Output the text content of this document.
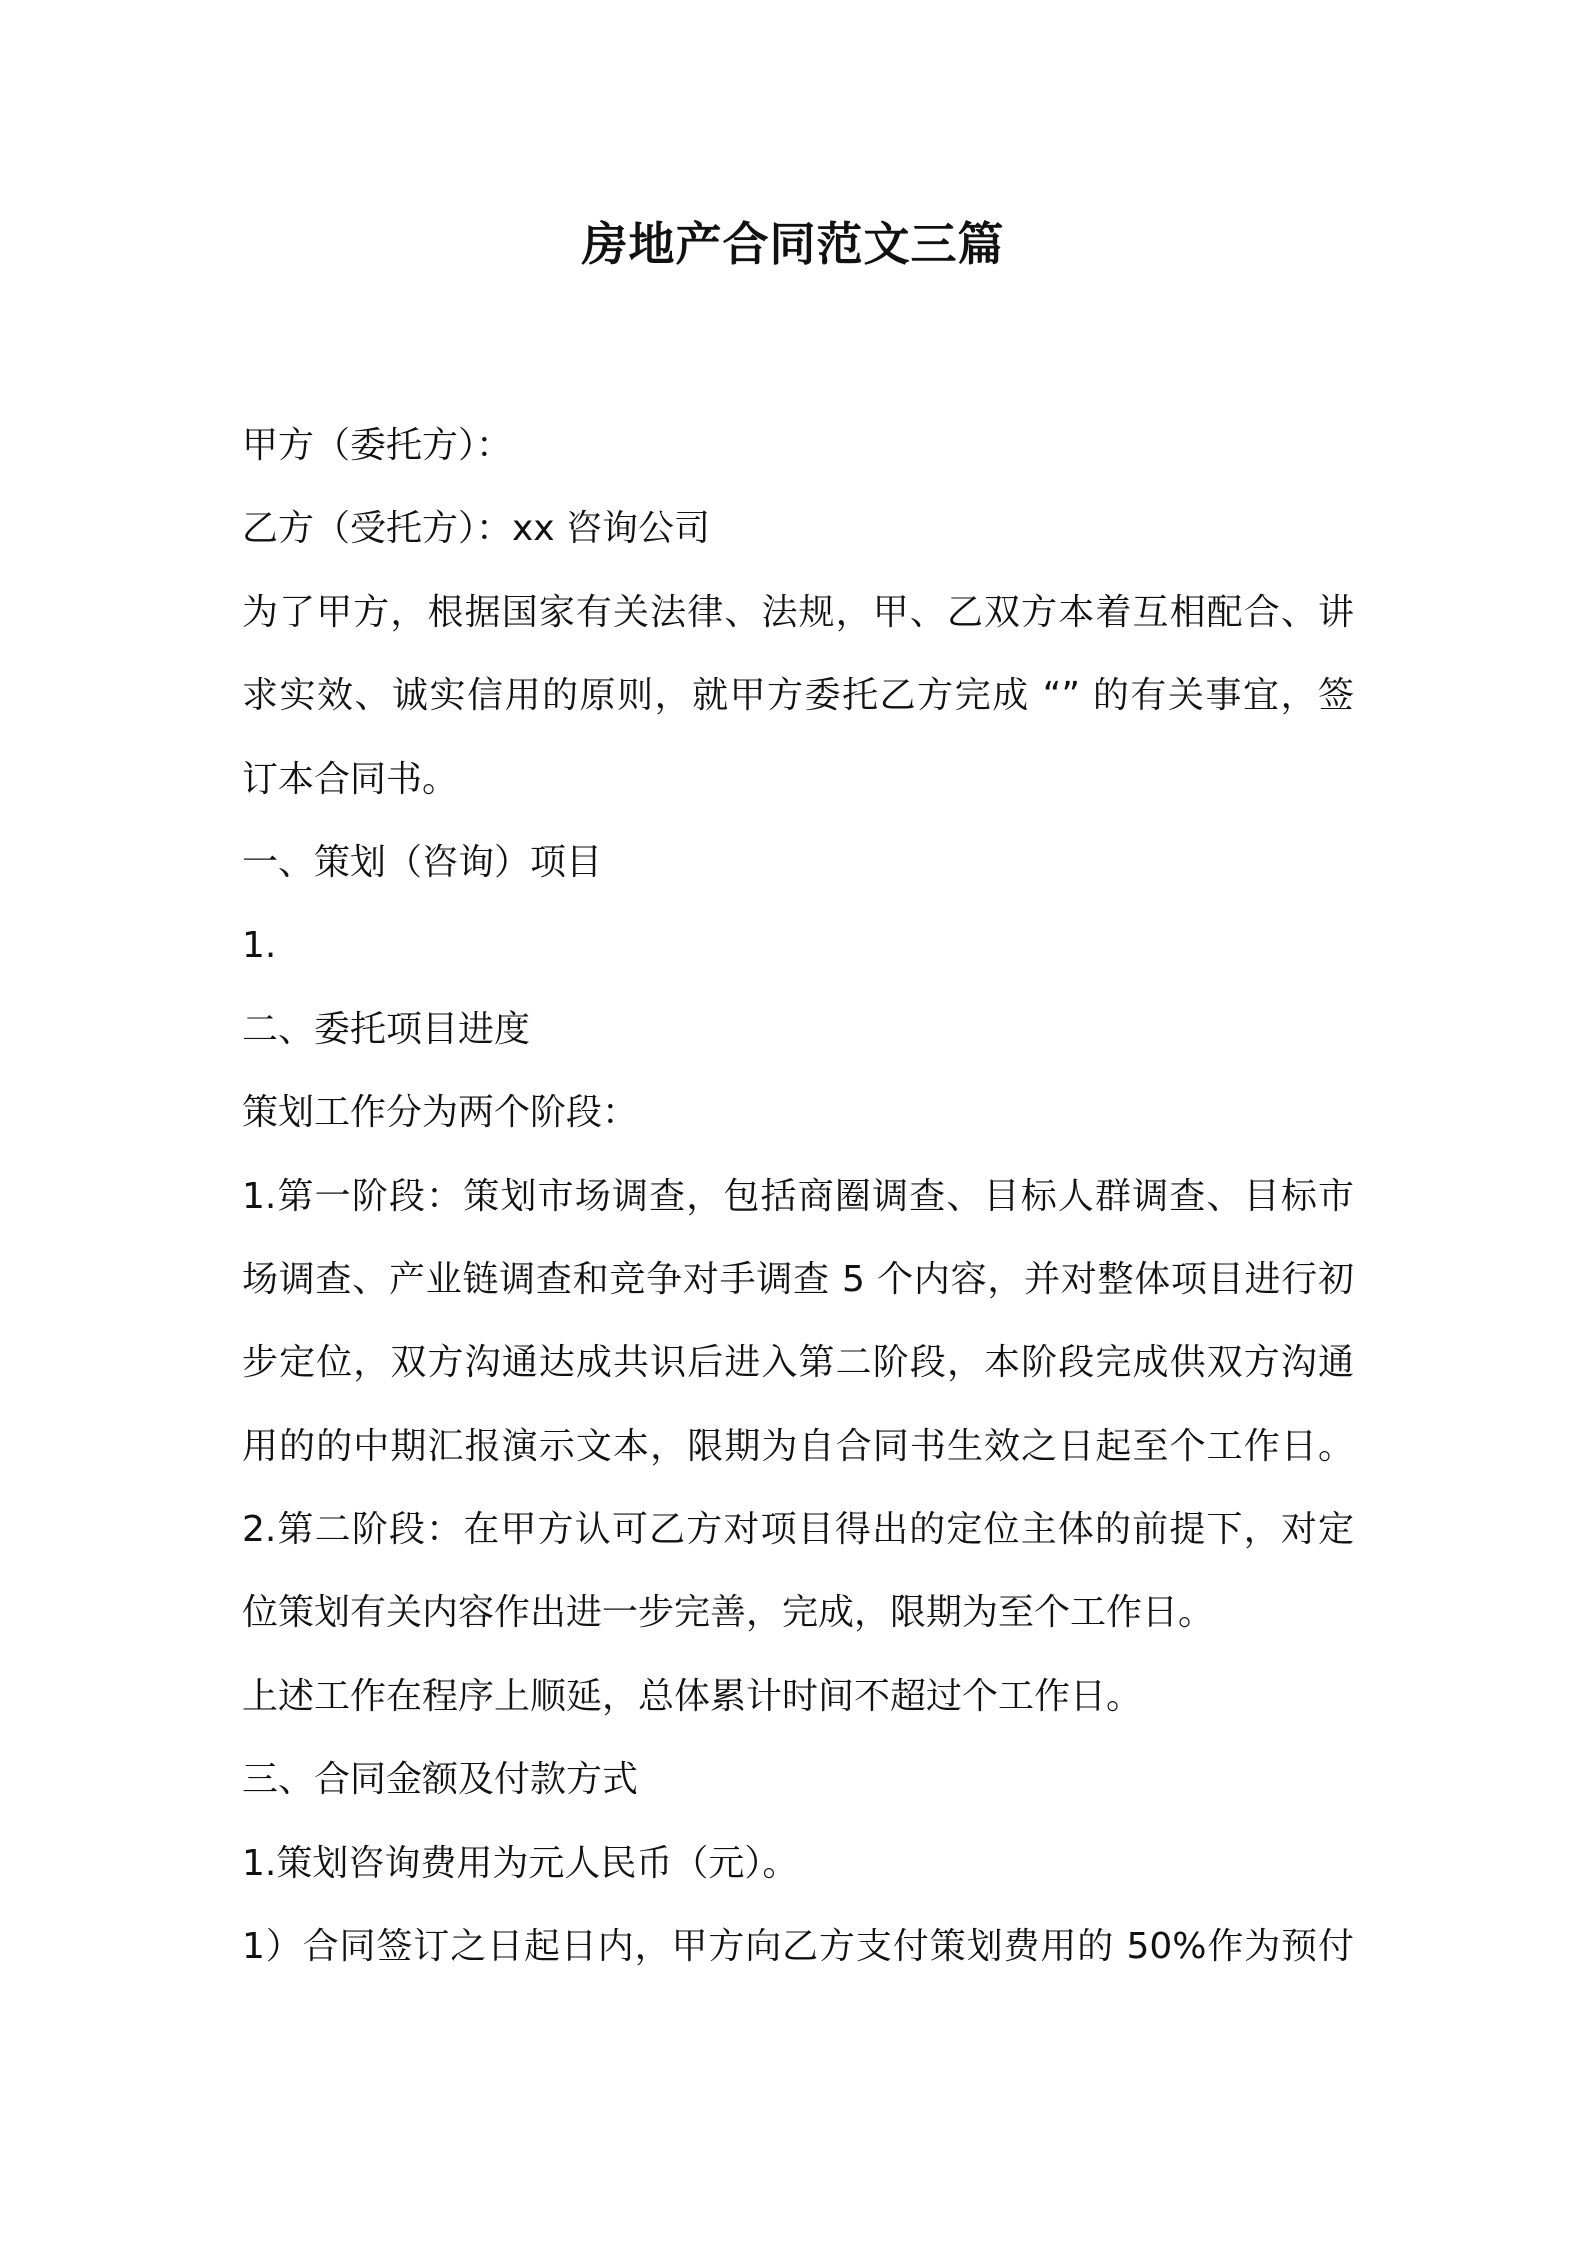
房地产合同范文三篇
甲方（委托方）：
乙方（受托方）：xx 咨询公司
为了甲方，根据国家有关法律、法规，甲、乙双方本着互相配合、讲
求实效、诚实信用的原则，就甲方委托乙方完成 “” 的有关事宜，签
订本合同书。
一、策划（咨询）项目
1.
二、委托项目进度
策划工作分为两个阶段：
1.第一阶段：策划市场调查，包括商圈调查、目标人群调查、目标市
场调查、产业链调查和竞争对手调查 5 个内容，并对整体项目进行初
步定位，双方沟通达成共识后进入第二阶段，本阶段完成供双方沟通
用的的中期汇报演示文本，限期为自合同书生效之日起至个工作日。
2.第二阶段：在甲方认可乙方对项目得出的定位主体的前提下，对定
位策划有关内容作出进一步完善，完成，限期为至个工作日。
上述工作在程序上顺延，总体累计时间不超过个工作日。
三、合同金额及付款方式
1.策划咨询费用为元人民币（元）。
1）合同签订之日起日内，甲方向乙方支付策划费用的 50%作为预付
